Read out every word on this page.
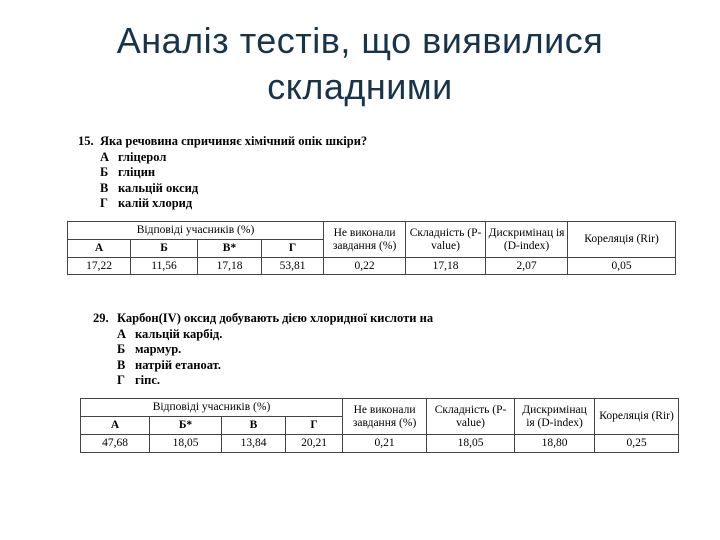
Аналіз тестів, що виявилися
складними
15. Яка речовина спричиняє хімічний опік шкіри?
А гліцерол
Б гліцин
В кальцій оксид
Г калій хлорид
Відповіді учасників (%)				Не виконали завдання (%)	Складність (P-value)	Дискримінац ія (D-index)	Кореляція (Rir)
А	Б	В*	Г				
17,22	11,56	17,18	53,81	0,22	17,18	2,07	0,05
29. Карбон(IV) оксид добувають дією хлоридної кислоти на
А кальцій карбід.
Б мармур.
В натрій етаноат.
Г гіпс.
Відповіді учасників (%)				Не виконали завдання (%)	Складність (P-value)	Дискримінац ія (D-index)	Кореляція (Rir)
А	Б*	В	Г				
47,68	18,05	13,84	20,21	0,21	18,05	18,80	0,25
